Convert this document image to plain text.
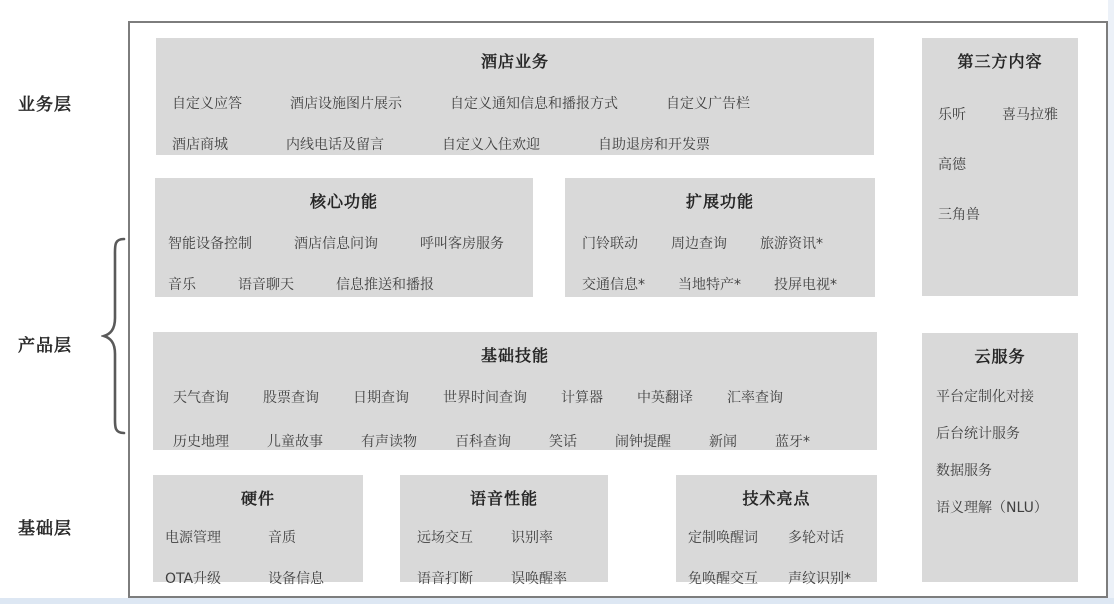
业务层
产品层
基础层
酒店业务
自定义应答	酒店设施图片展示	自定义通知信息和播报方式	自定义广告栏
酒店商城	内线电话及留言	自定义入住欢迎	自助退房和开发票
第三方内容
乐听	喜马拉雅
高德
三角兽
核心功能
智能设备控制	酒店信息问询	呼叫客房服务
音乐	语音聊天	信息推送和播报
扩展功能
门铃联动 周边查询 旅游资讯*
交通信息* 当地特产* 投屏电视*
基础技能
天气查询 股票查询 日期查询 世界时间查询 计算器 中英翻译 汇率查询
历史地理	儿童故事	有声读物	百科查询	笑话	闹钟提醒	新闻	蓝牙*
云服务
平台定制化对接
后台统计服务
数据服务
语义理解（NLU）
硬件
电源管理	音质
OTA升级	设备信息
语音性能
远场交互	识别率
语音打断	误唤醒率
技术亮点
定制唤醒词 多轮对话
免唤醒交互 声纹识别*
